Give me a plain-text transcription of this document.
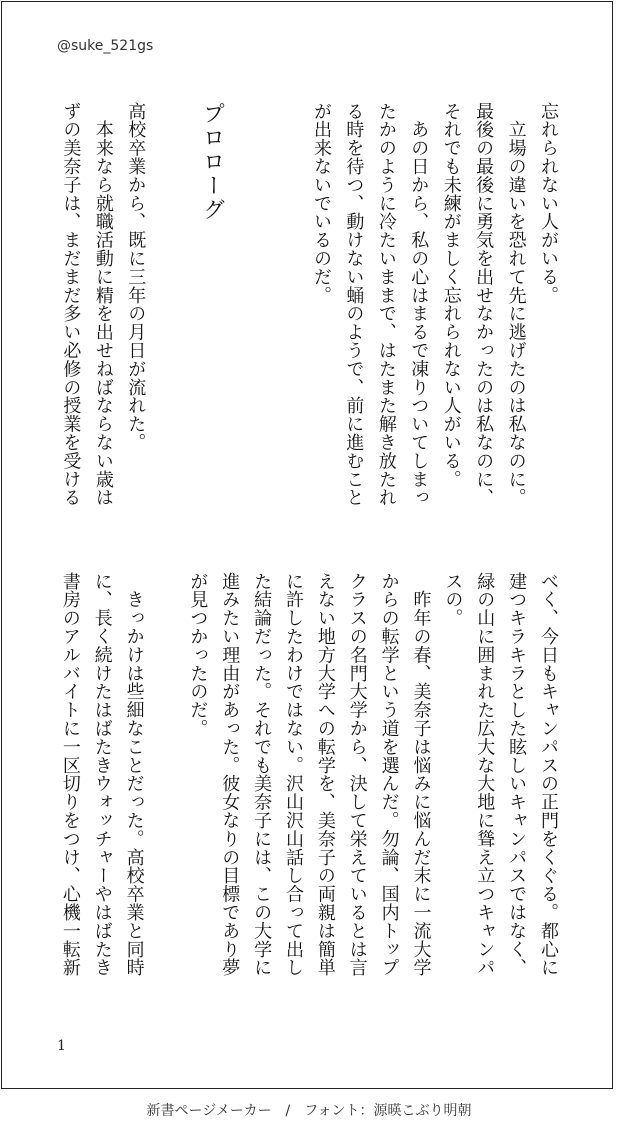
@suke_521gs
忘れられない人がいる。
　立場の違いを恐れて先に逃げたのは私なのに。
最後の最後に勇気を出せなかったのは私なのに、
それでも未練がましく忘れられない人がいる。
　あの日から、私の心はまるで凍りついてしまっ
たかのように冷たいままで、はたまた解き放たれ
る時を待つ、動けない蛹のようで、前に進むこと
が出来ないでいるのだ。
プロローグ
高校卒業から、既に三年の月日が流れた。
　本来なら就職活動に精を出せねばならない歳は
ずの美奈子は、まだまだ多い必修の授業を受ける
べく、今日もキャンパスの正門をくぐる。都心に
建つキラキラとした眩しいキャンパスではなく、
緑の山に囲まれた広大な大地に聳え立つキャンパ
スの。
　昨年の春、美奈子は悩みに悩んだ末に一流大学
からの転学という道を選んだ。勿論、国内トップ
クラスの名門大学から、決して栄えているとは言
えない地方大学への転学を、美奈子の両親は簡単
に許したわけではない。沢山沢山話し合って出し
た結論だった。それでも美奈子には、この大学に
進みたい理由があった。彼女なりの目標であり夢
が見つかったのだ。
　きっかけは些細なことだった。高校卒業と同時
に、長く続けたはばたきウォッチャーやはばたき
書房のアルバイトに一区切りをつけ、心機一転新
1
新書ページメーカー　/　フォント：源暎こぶり明朝
